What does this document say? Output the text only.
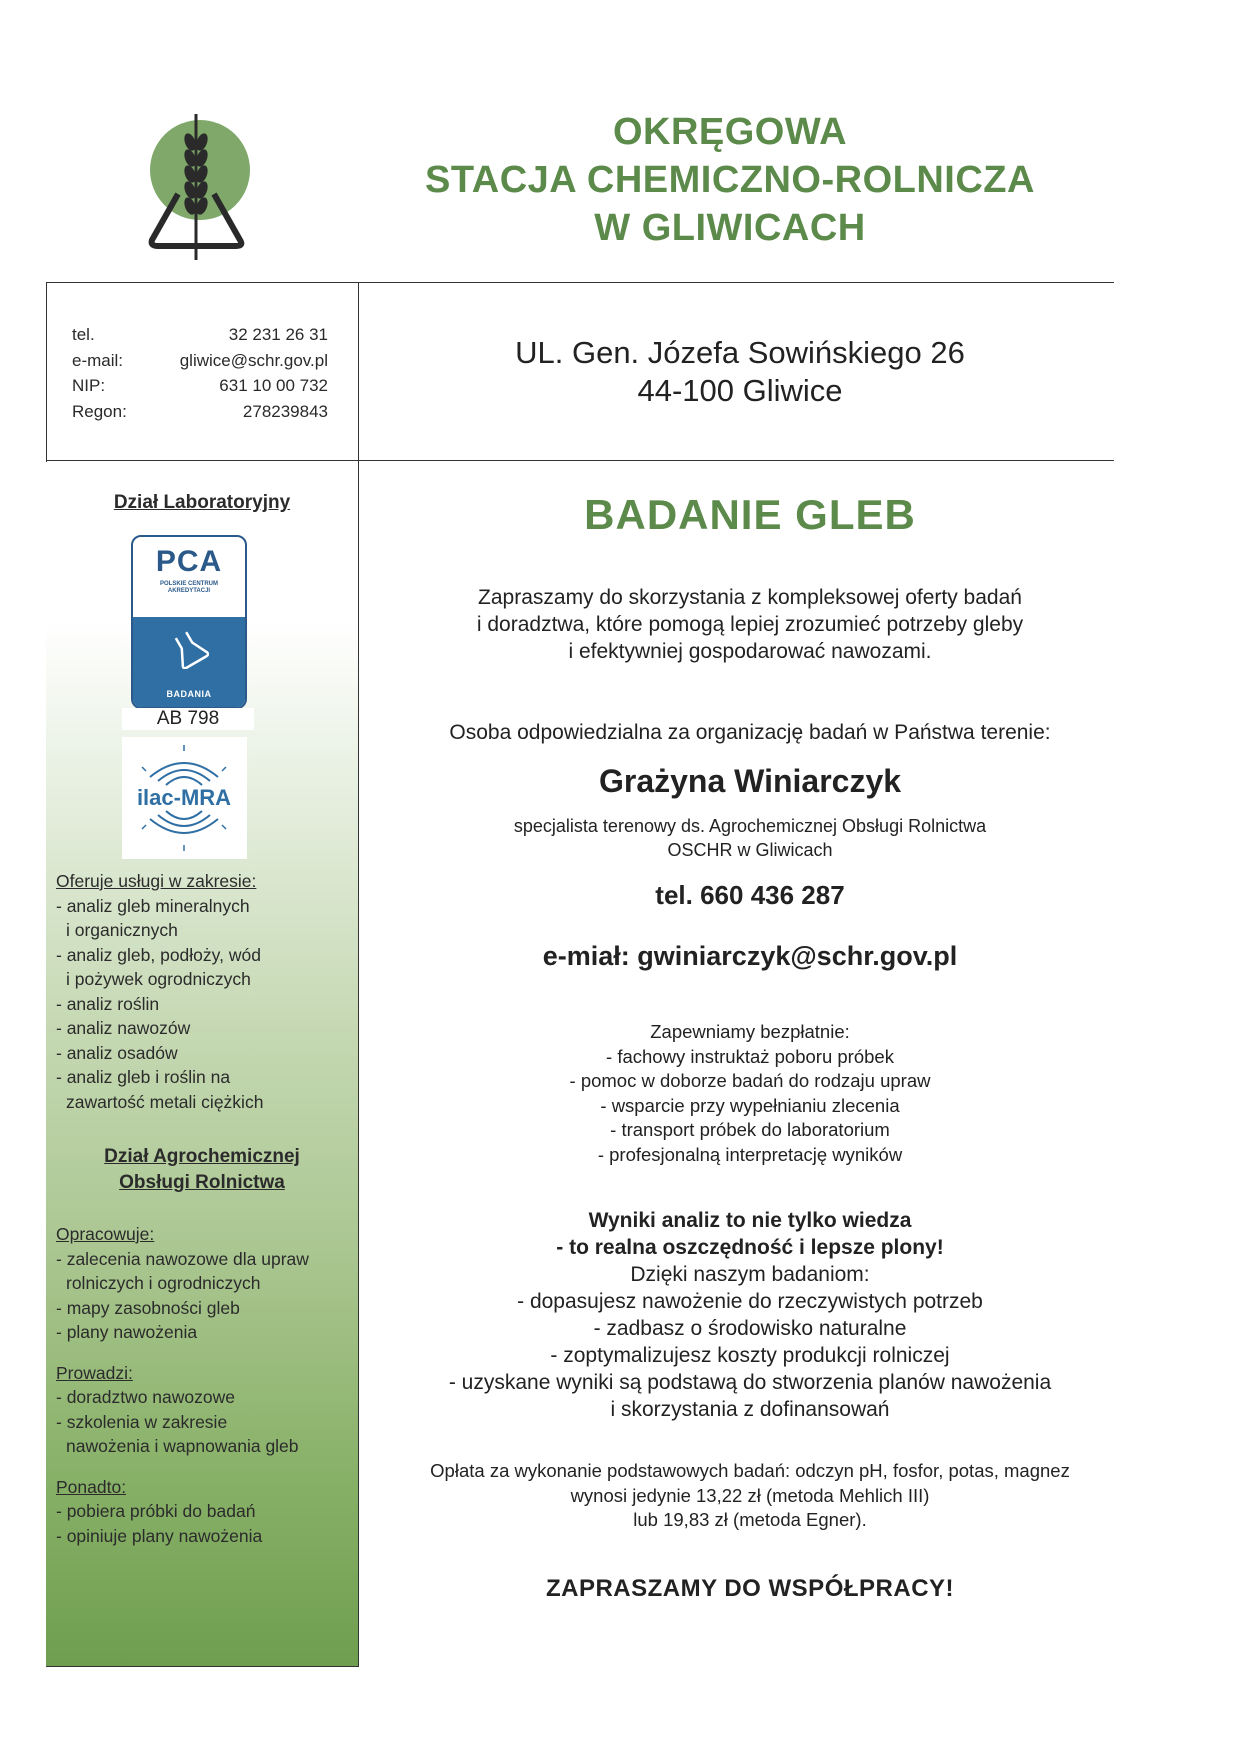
OKRĘGOWA
STACJA CHEMICZNO-ROLNICZA
W GLIWICACH
tel.	32 231 26 31
e-mail:	gliwice@schr.gov.pl
NIP:	631 10 00 732
Regon:	278239843
UL. Gen. Józefa Sowińskiego 26
44-100 Gliwice
Dział Laboratoryjny
PCA
POLSKIE CENTRUM
AKREDYTACJI
BADANIA
AB 798
ilac-MRA
Oferuje usługi w zakresie:
- analiz gleb mineralnych
i organicznych
- analiz gleb, podłoży, wód
i pożywek ogrodniczych
- analiz roślin
- analiz nawozów
- analiz osadów
- analiz gleb i roślin na
zawartość metali ciężkich
Dział Agrochemicznej
Obsługi Rolnictwa
Opracowuje:
- zalecenia nawozowe dla upraw
rolniczych i ogrodniczych
- mapy zasobności gleb
- plany nawożenia
Prowadzi:
- doradztwo nawozowe
- szkolenia w zakresie
nawożenia i wapnowania gleb
Ponadto:
- pobiera próbki do badań
- opiniuje plany nawożenia
BADANIE GLEB
Zapraszamy do skorzystania z kompleksowej oferty badań
i doradztwa, które pomogą lepiej zrozumieć potrzeby gleby
i efektywniej gospodarować nawozami.
Osoba odpowiedzialna za organizację badań w Państwa terenie:
Grażyna Winiarczyk
specjalista terenowy ds. Agrochemicznej Obsługi Rolnictwa
OSCHR w Gliwicach
tel. 660 436 287
e-miał: gwiniarczyk@schr.gov.pl
Zapewniamy bezpłatnie:
- fachowy instruktaż poboru próbek
- pomoc w doborze badań do rodzaju upraw
- wsparcie przy wypełnianiu zlecenia
- transport próbek do laboratorium
- profesjonalną interpretację wyników
Wyniki analiz to nie tylko wiedza
- to realna oszczędność i lepsze plony!
Dzięki naszym badaniom:
- dopasujesz nawożenie do rzeczywistych potrzeb
- zadbasz o środowisko naturalne
- zoptymalizujesz koszty produkcji rolniczej
- uzyskane wyniki są podstawą do stworzenia planów nawożenia
i skorzystania z dofinansowań
Opłata za wykonanie podstawowych badań: odczyn pH, fosfor, potas, magnez
wynosi jedynie 13,22 zł (metoda Mehlich III)
lub 19,83 zł (metoda Egner).
ZAPRASZAMY DO WSPÓŁPRACY!
